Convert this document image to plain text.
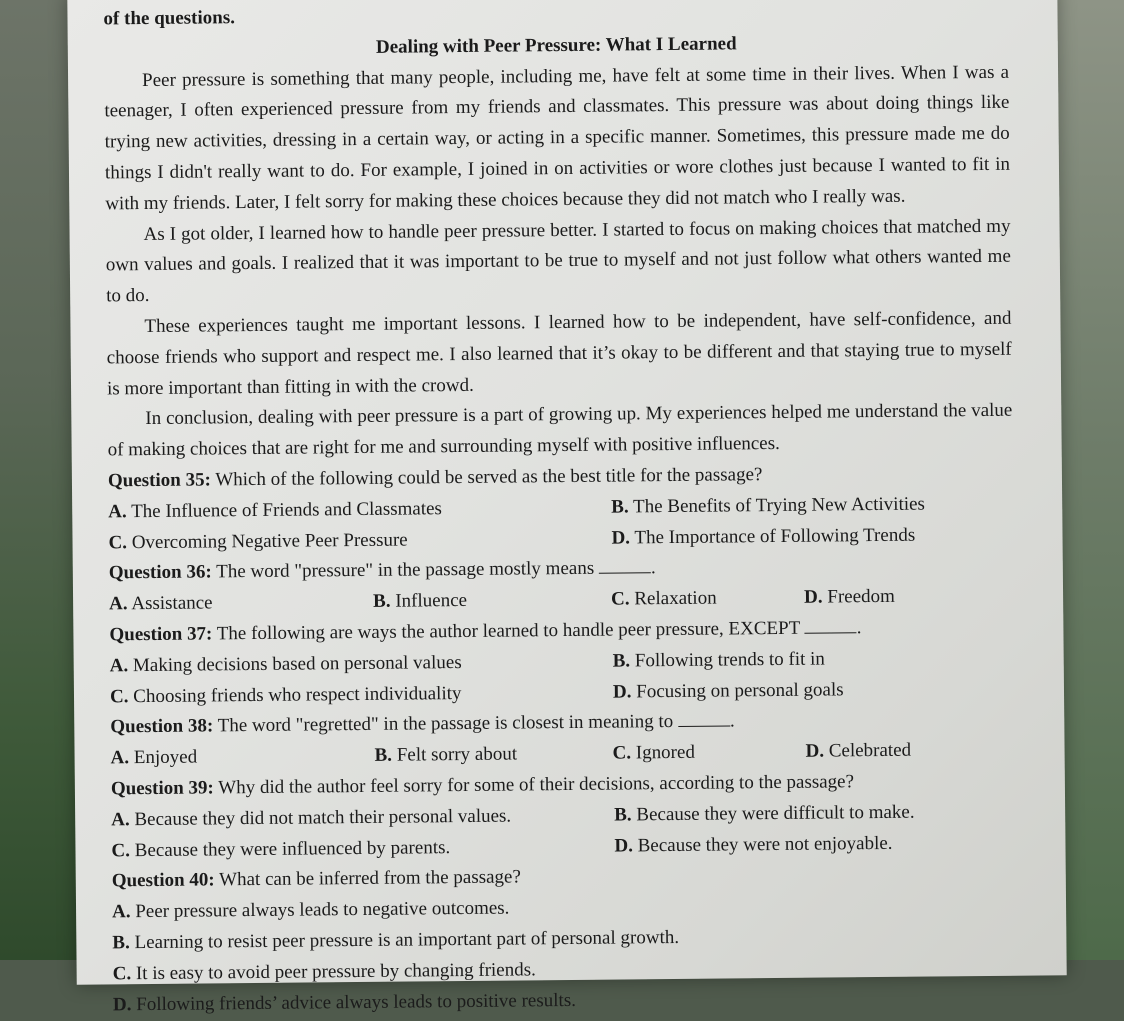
of the questions.
Dealing with Peer Pressure: What I Learned

Peer pressure is something that many people, including me, have felt at some time in their lives. When I was a teenager, I often experienced pressure from my friends and classmates. This pressure was about doing things like trying new activities, dressing in a certain way, or acting in a specific manner. Sometimes, this pressure made me do things I didn't really want to do. For example, I joined in on activities or wore clothes just because I wanted to fit in with my friends. Later, I felt sorry for making these choices because they did not match who I really was.

As I got older, I learned how to handle peer pressure better. I started to focus on making choices that matched my own values and goals. I realized that it was important to be true to myself and not just follow what others wanted me to do.

These experiences taught me important lessons. I learned how to be independent, have self-confidence, and choose friends who support and respect me. I also learned that it’s okay to be different and that staying true to myself is more important than fitting in with the crowd.

In conclusion, dealing with peer pressure is a part of growing up. My experiences helped me understand the value of making choices that are right for me and surrounding myself with positive influences.

Question 35: Which of the following could be served as the best title for the passage?
A. The Influence of Friends and Classmates	B. The Benefits of Trying New Activities
C. Overcoming Negative Peer Pressure	D. The Importance of Following Trends
Question 36: The word "pressure" in the passage mostly means	.
A. Assistance	B. Influence	C. Relaxation	D. Freedom
Question 37: The following are ways the author learned to handle peer pressure, EXCEPT	.
A. Making decisions based on personal values	B. Following trends to fit in
C. Choosing friends who respect individuality	D. Focusing on personal goals
Question 38: The word "regretted" in the passage is closest in meaning to	.
A. Enjoyed	B. Felt sorry about	C. Ignored	D. Celebrated
Question 39: Why did the author feel sorry for some of their decisions, according to the passage?
A. Because they did not match their personal values.	B. Because they were difficult to make.
C. Because they were influenced by parents.	D. Because they were not enjoyable.
Question 40: What can be inferred from the passage?
A. Peer pressure always leads to negative outcomes.
B. Learning to resist peer pressure is an important part of personal growth.
C. It is easy to avoid peer pressure by changing friends.
D. Following friends’ advice always leads to positive results.
